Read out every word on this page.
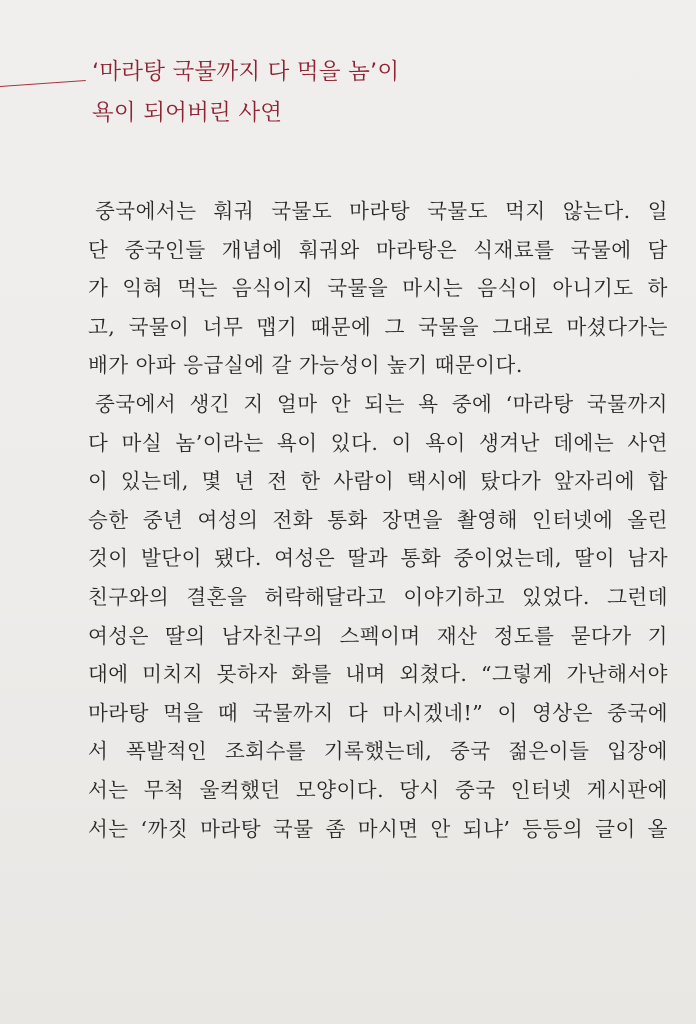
‘마라탕 국물까지 다 먹을 놈’이
욕이 되어버린 사연
중국에서는 훠궈 국물도 마라탕 국물도 먹지 않는다. 일
단 중국인들 개념에 훠궈와 마라탕은 식재료를 국물에 담
가 익혀 먹는 음식이지 국물을 마시는 음식이 아니기도 하
고, 국물이 너무 맵기 때문에 그 국물을 그대로 마셨다가는
배가 아파 응급실에 갈 가능성이 높기 때문이다.
중국에서 생긴 지 얼마 안 되는 욕 중에 ‘마라탕 국물까지
다 마실 놈’이라는 욕이 있다. 이 욕이 생겨난 데에는 사연
이 있는데, 몇 년 전 한 사람이 택시에 탔다가 앞자리에 합
승한 중년 여성의 전화 통화 장면을 촬영해 인터넷에 올린
것이 발단이 됐다. 여성은 딸과 통화 중이었는데, 딸이 남자
친구와의 결혼을 허락해달라고 이야기하고 있었다. 그런데
여성은 딸의 남자친구의 스펙이며 재산 정도를 묻다가 기
대에 미치지 못하자 화를 내며 외쳤다. “그렇게 가난해서야
마라탕 먹을 때 국물까지 다 마시겠네!” 이 영상은 중국에
서 폭발적인 조회수를 기록했는데, 중국 젊은이들 입장에
서는 무척 울컥했던 모양이다. 당시 중국 인터넷 게시판에
서는 ‘까짓 마라탕 국물 좀 마시면 안 되냐’ 등등의 글이 올
